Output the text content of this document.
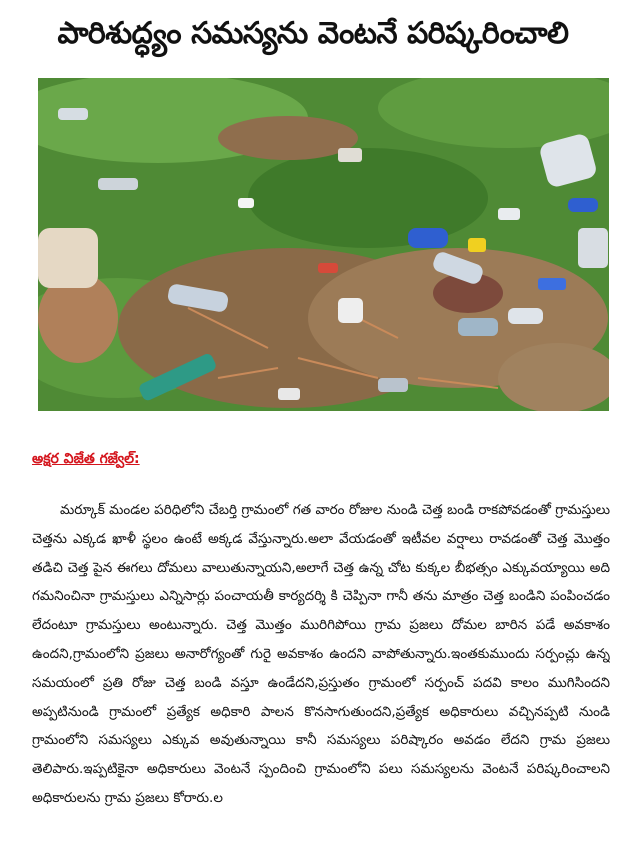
పారిశుద్ధ్యం సమస్యను వెంటనే పరిష్కరించాలి
అక్షర విజేత గజ్వేల్:

మర్కూక్ మండల పరిధిలోని చేబర్తి గ్రామంలో గత వారం రోజుల నుండి చెత్త బండి రాకపోవడంతో గ్రామస్తులు చెత్తను ఎక్కడ ఖాళీ స్థలం ఉంటే అక్కడ వేస్తున్నారు.అలా వేయడంతో ఇటీవల వర్షాలు రావడంతో చెత్త మొత్తం తడిచి చెత్త పైన ఈగలు దోమలు వాలుతున్నాయని,అలాగే చెత్త ఉన్న చోట కుక్కల బీభత్సం ఎక్కువయ్యాయి అది గమనించినా గ్రామస్తులు ఎన్నిసార్లు పంచాయతీ కార్యదర్శి కి చెప్పినా గానీ తను మాత్రం చెత్త బండిని పంపించడం లేదంటూ గ్రామస్తులు అంటున్నారు. చెత్త మొత్తం మురిగిపోయి గ్రామ ప్రజలు దోమల బారిన పడే అవకాశం ఉందని,గ్రామంలోని ప్రజలు అనారోగ్యంతో గురై అవకాశం ఉందని వాపోతున్నారు.ఇంతకుముందు సర్పంచ్లు ఉన్న సమయంలో ప్రతి రోజు చెత్త బండి వస్తూ ఉండేదని,ప్రస్తుతం గ్రామంలో సర్పంచ్ పదవి కాలం ముగిసిందని అప్పటినుండి గ్రామంలో ప్రత్యేక అధికారి పాలన కొనసాగుతుందని,ప్రత్యేక అధికారులు వచ్చినప్పటి నుండి గ్రామంలోని సమస్యలు ఎక్కువ అవుతున్నాయి కానీ సమస్యలు పరిష్కారం అవడం లేదని గ్రామ ప్రజలు తెలిపారు.ఇప్పటికైనా అధికారులు వెంటనే స్పందించి గ్రామంలోని పలు సమస్యలను వెంటనే పరిష్కరించాలని అధికారులను గ్రామ ప్రజలు కోరారు.ల
